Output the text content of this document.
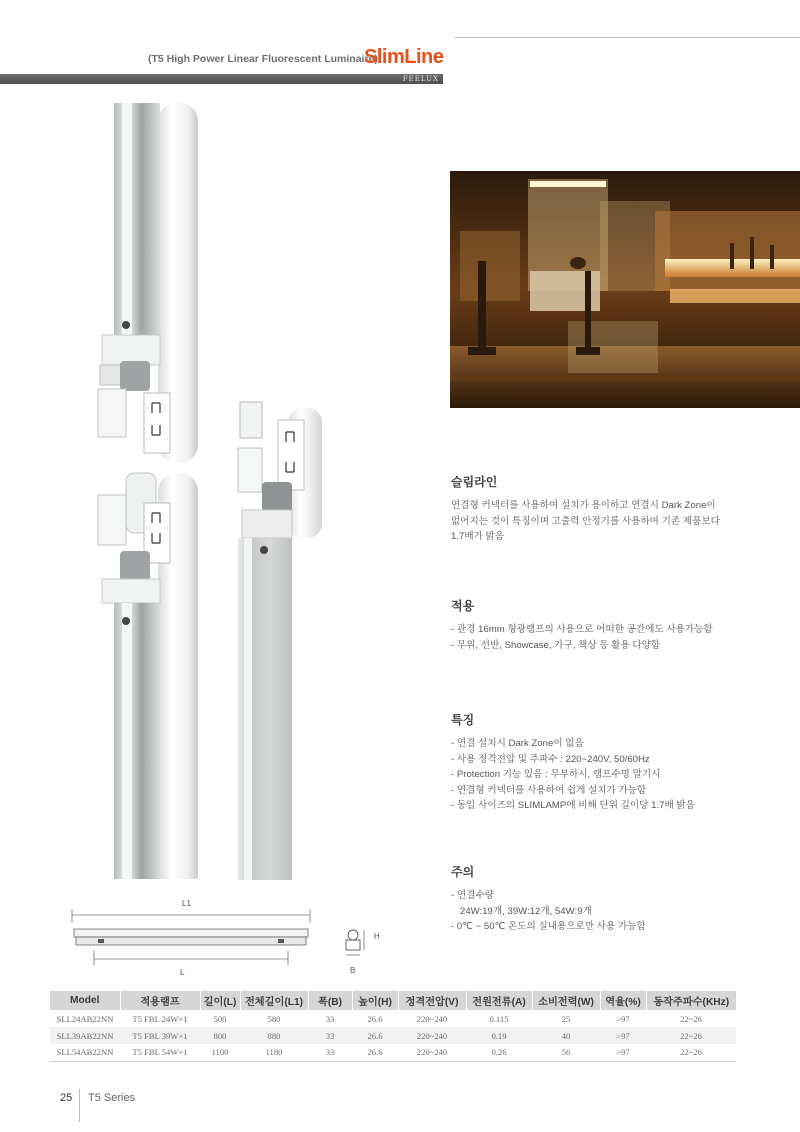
(T5 High Power Linear Fluorescent Luminaire)
SlimLine
FEELUX
슬림라인

연결형 커넥터를 사용하여 설치가 용이하고 연결시 Dark Zone이

없어지는 것이 특징이며 고출력 안정기를 사용하여 기존 제품보다

1.7배가 밝음

적용
- 관경 16mm 형광램프의 사용으로 어떠한 공간에도 사용가능함
- 무위, 선반, Showcase, 가구, 책상 등 활용 다양함
특징
- 연결 설치시 Dark Zone이 없음
- 사용 정격전압 및 주파수 : 220~240V, 50/60Hz
- Protection 기능 있음 : 무부하시, 램프수명 말기시
- 연결형 커넥터를 사용하여 쉽게 설치가 가능함
- 동일 사이즈의 SLIMLAMP에 비해 단위 길이당 1.7배 밝음
주의
- 연결수량
24W:19개, 39W:12개, 54W:9개
- 0℃ ~ 50℃ 온도의 실내용으로만 사용 가능함
L1
L
H
B
Model	적용램프	길이(L)	전체길이(L1)	폭(B)	높이(H)	정격전압(V)	전원전류(A)	소비전력(W)	역율(%)	동작주파수(KHz)
SLL24AB22NN	T5 FBL 24W×1	500	580	33	26.6	220~240	0.115	25	>97	22~26
SLL39AB22NN	T5 FBL 39W×1	800	880	33	26.6	220~240	0.19	40	>97	22~26
SLL54AB22NN	T5 FBL 54W×1	1100	1180	33	26.6	220~240	0.26	56	>97	22~26
25 T5 Series
